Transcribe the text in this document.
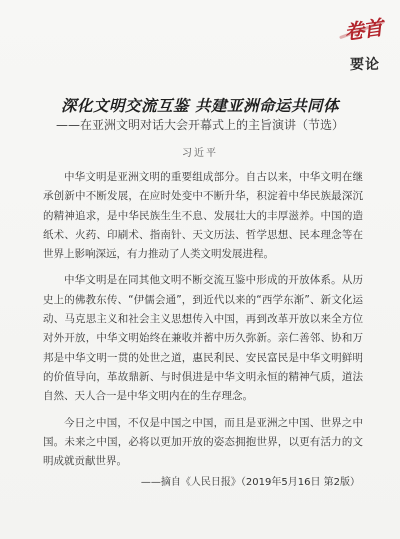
卷首
要论
深化文明交流互鉴 共建亚洲命运共同体
——在亚洲文明对话大会开幕式上的主旨演讲（节选）
习近平

中华文明是亚洲文明的重要组成部分。自古以来，中华文明在继承创新中不断发展，在应时处变中不断升华，积淀着中华民族最深沉的精神追求，是中华民族生生不息、发展壮大的丰厚滋养。中国的造纸术、火药、印刷术、指南针、天文历法、哲学思想、民本理念等在世界上影响深远，有力推动了人类文明发展进程。

中华文明是在同其他文明不断交流互鉴中形成的开放体系。从历史上的佛教东传、“伊儒会通”，到近代以来的“西学东渐”、新文化运动、马克思主义和社会主义思想传入中国，再到改革开放以来全方位对外开放，中华文明始终在兼收并蓄中历久弥新。亲仁善邻、协和万邦是中华文明一贯的处世之道，惠民利民、安民富民是中华文明鲜明的价值导向，革故鼎新、与时俱进是中华文明永恒的精神气质，道法自然、天人合一是中华文明内在的生存理念。

今日之中国，不仅是中国之中国，而且是亚洲之中国、世界之中国。未来之中国，必将以更加开放的姿态拥抱世界，以更有活力的文明成就贡献世界。

——摘自《人民日报》（2019年5月16日 第2版）
